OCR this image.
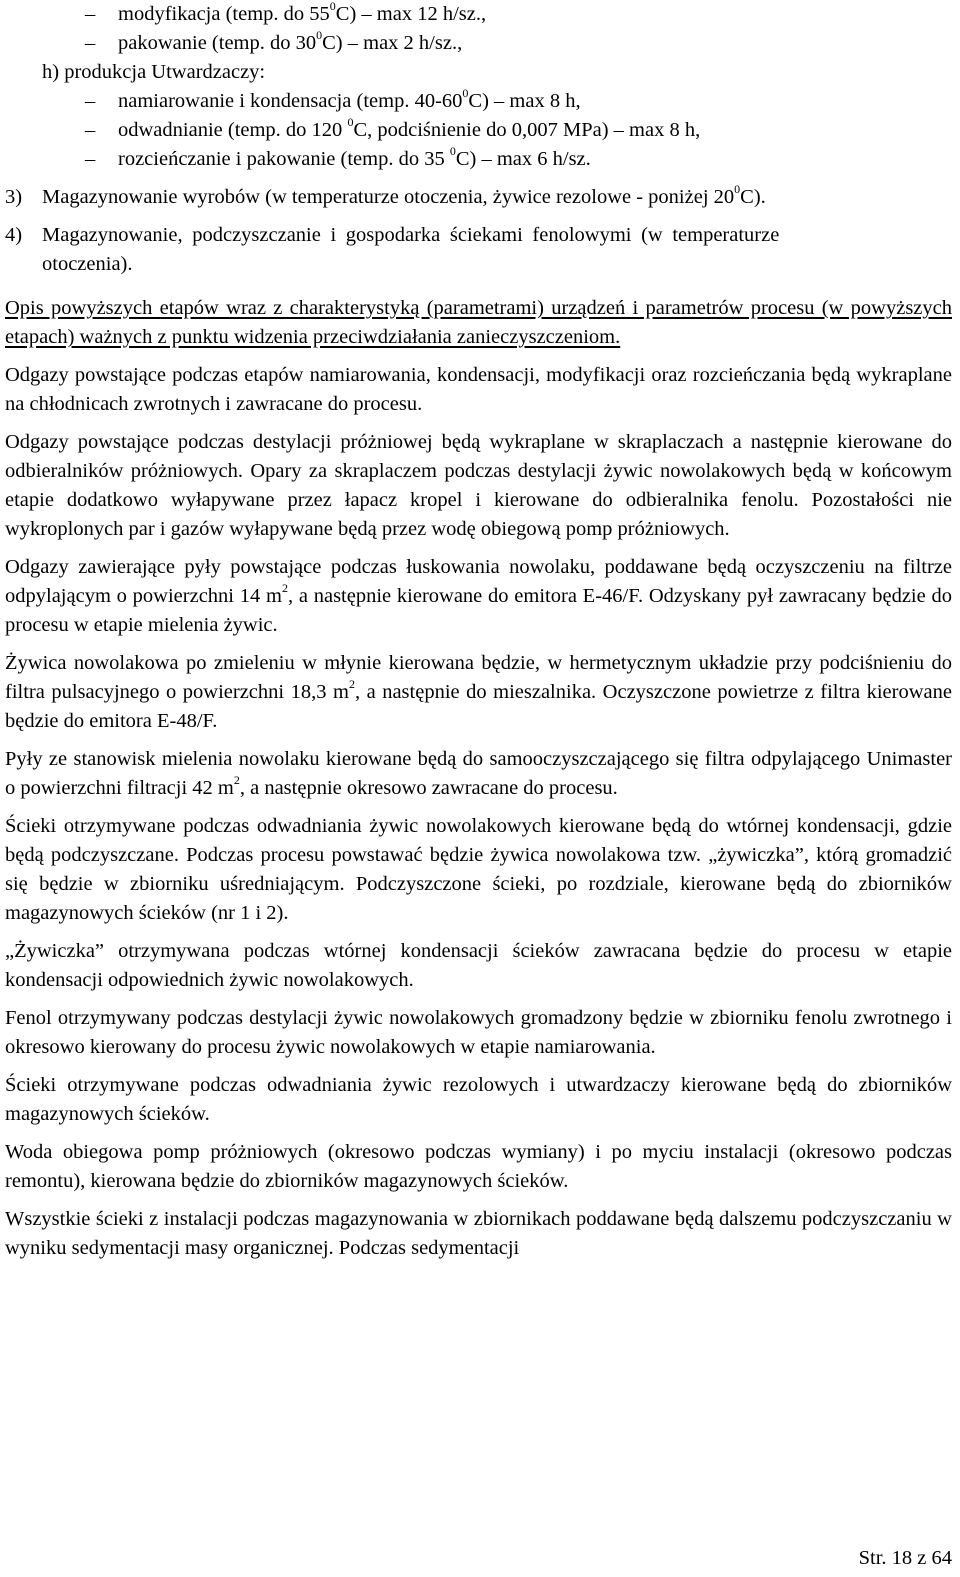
– modyfikacja (temp. do $55^0C$) – max 12 h/sz.,
– pakowanie (temp. do $30^0C$) – max 2 h/sz.,
h) produkcja Utwardzaczy:
– namiarowanie i kondensacja (temp. $40-60^0C$) – max 8 h,
– odwadnianie (temp. do 120 $^0$C, podciśnienie do 0,007 MPa) – max 8 h,
– rozcieńczanie i pakowanie (temp. do 35 $^0$C) – max 6 h/sz.
3) Magazynowanie wyrobów (w temperaturze otoczenia, żywice rezolowe - poniżej $20^0C$).
4) Magazynowanie, podczyszczanie i gospodarka ściekami fenolowymi (w temperaturze
otoczenia).

Opis powyższych etapów wraz z charakterystyką (parametrami) urządzeń i parametrów procesu (w powyższych etapach) ważnych z punktu widzenia przeciwdziałania zanieczyszczeniom.

Odgazy powstające podczas etapów namiarowania, kondensacji, modyfikacji oraz rozcieńczania będą wykraplane na chłodnicach zwrotnych i zawracane do procesu.

Odgazy powstające podczas destylacji próżniowej będą wykraplane w skraplaczach a następnie kierowane do odbieralników próżniowych. Opary za skraplaczem podczas destylacji żywic nowolakowych będą w końcowym etapie dodatkowo wyłapywane przez łapacz kropel i kierowane do odbieralnika fenolu. Pozostałości nie wykroplonych par i gazów wyłapywane będą przez wodę obiegową pomp próżniowych.

Odgazy zawierające pyły powstające podczas łuskowania nowolaku, poddawane będą oczyszczeniu na filtrze odpylającym o powierzchni 14 $m^2$, a następnie kierowane do emitora E-46/F. Odzyskany pył zawracany będzie do procesu w etapie mielenia żywic.

Żywica nowolakowa po zmieleniu w młynie kierowana będzie, w hermetycznym układzie przy podciśnieniu do filtra pulsacyjnego o powierzchni 18,3 $m^2$, a następnie do mieszalnika. Oczyszczone powietrze z filtra kierowane będzie do emitora E-48/F.

Pyły ze stanowisk mielenia nowolaku kierowane będą do samooczyszczającego się filtra odpylającego Unimaster o powierzchni filtracji 42 $m^2$, a następnie okresowo zawracane do procesu.

Ścieki otrzymywane podczas odwadniania żywic nowolakowych kierowane będą do wtórnej kondensacji, gdzie będą podczyszczane. Podczas procesu powstawać będzie żywica nowolakowa tzw. „żywiczka”, którą gromadzić się będzie w zbiorniku uśredniającym. Podczyszczone ścieki, po rozdziale, kierowane będą do zbiorników magazynowych ścieków (nr 1 i 2).

„Żywiczka” otrzymywana podczas wtórnej kondensacji ścieków zawracana będzie do procesu w etapie kondensacji odpowiednich żywic nowolakowych.

Fenol otrzymywany podczas destylacji żywic nowolakowych gromadzony będzie w zbiorniku fenolu zwrotnego i okresowo kierowany do procesu żywic nowolakowych w etapie namiarowania.

Ścieki otrzymywane podczas odwadniania żywic rezolowych i utwardzaczy kierowane będą do zbiorników magazynowych ścieków.

Woda obiegowa pomp próżniowych (okresowo podczas wymiany) i po myciu instalacji (okresowo podczas remontu), kierowana będzie do zbiorników magazynowych ścieków.

Wszystkie ścieki z instalacji podczas magazynowania w zbiornikach poddawane będą dalszemu podczyszczaniu w wyniku sedymentacji masy organicznej. Podczas sedymentacji

Str. 18 z 64
